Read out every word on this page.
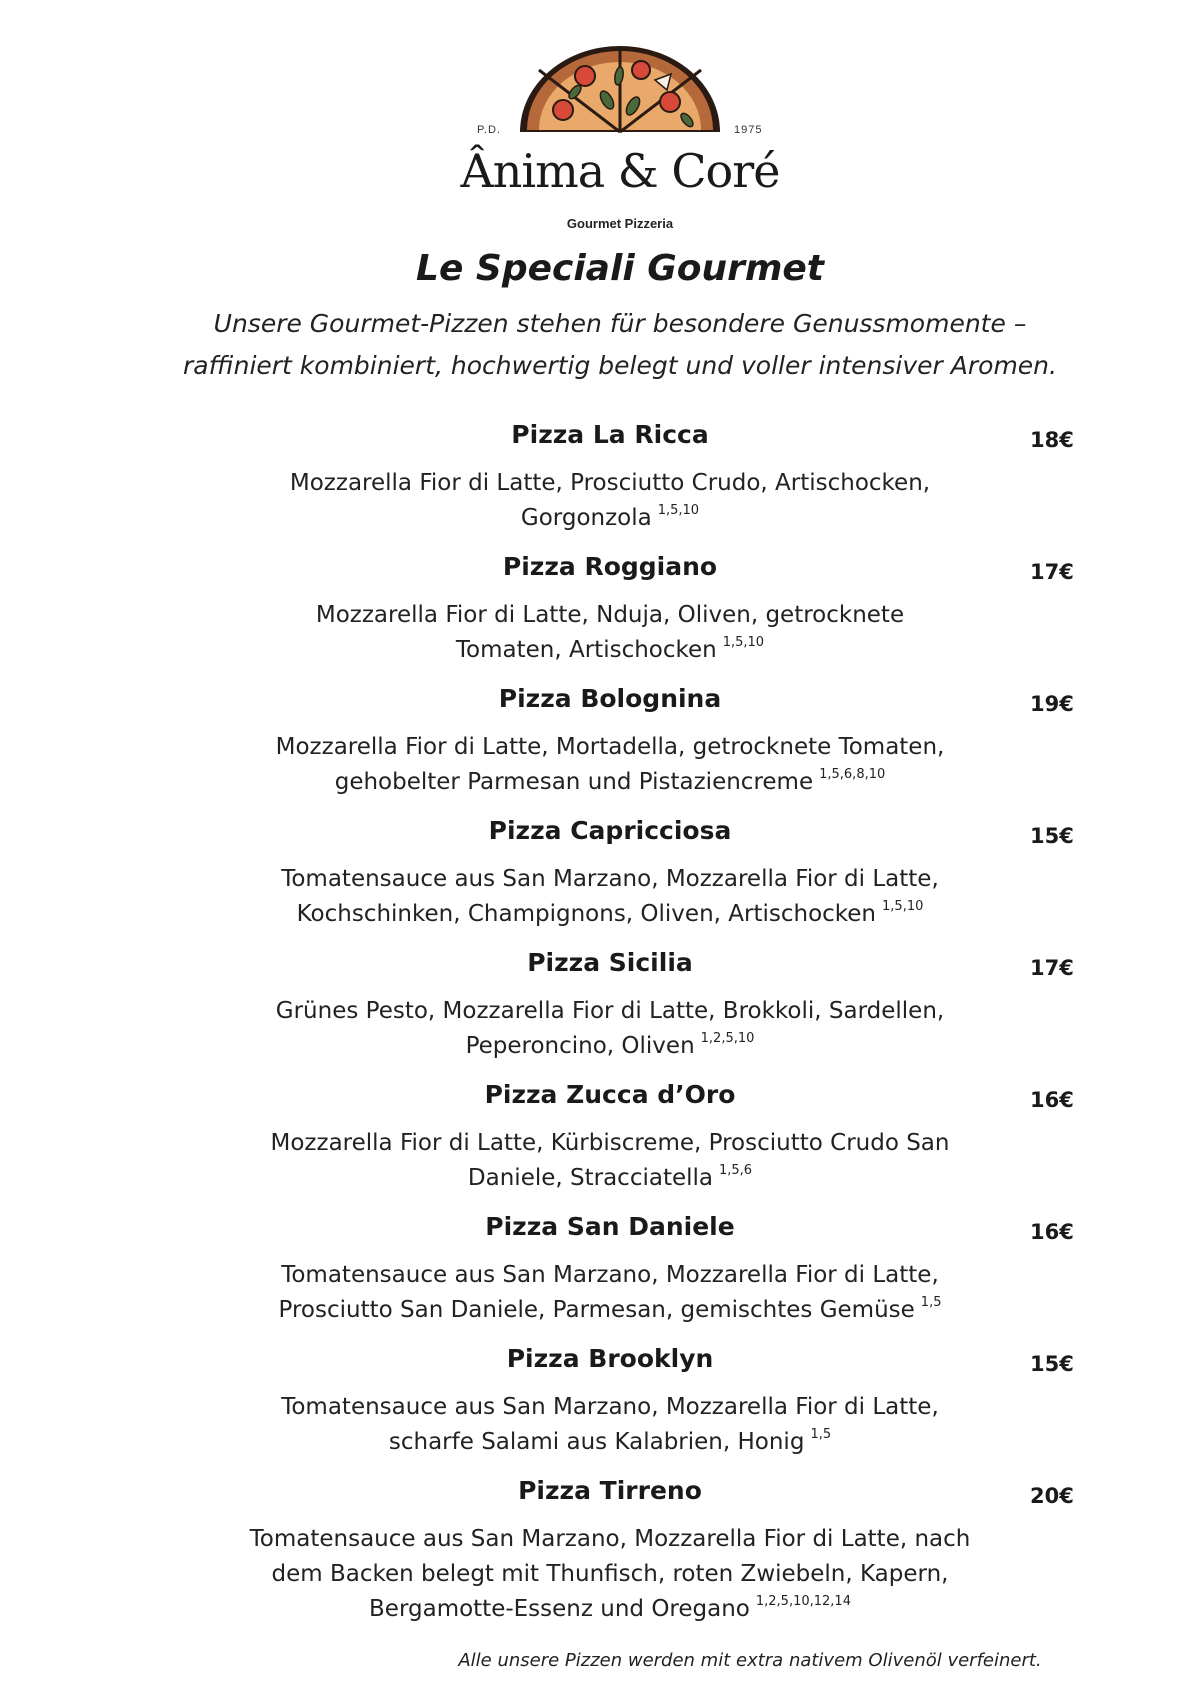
P.D.	1975
Ânima & Coré
Gourmet Pizzeria
Le Speciali Gourmet
Unsere Gourmet-Pizzen stehen für besondere Genussmomente –
raffiniert kombiniert, hochwertig belegt und voller intensiver Aromen.
Pizza La Ricca	18€
Mozzarella Fior di Latte, Prosciutto Crudo, Artischocken,
Gorgonzola $^{1,5,10}$
Pizza Roggiano	17€
Mozzarella Fior di Latte, Nduja, Oliven, getrocknete
Tomaten, Artischocken $^{1,5,10}$
Pizza Bolognina	19€
Mozzarella Fior di Latte, Mortadella, getrocknete Tomaten,
gehobelter Parmesan und Pistaziencreme $^{1,5,6,8,10}$
Pizza Capricciosa	15€
Tomatensauce aus San Marzano, Mozzarella Fior di Latte,
Kochschinken, Champignons, Oliven, Artischocken $^{1,5,10}$
Pizza Sicilia	17€
Grünes Pesto, Mozzarella Fior di Latte, Brokkoli, Sardellen,
Peperoncino, Oliven $^{1,2,5,10}$
Pizza Zucca d’Oro	16€
Mozzarella Fior di Latte, Kürbiscreme, Prosciutto Crudo San
Daniele, Stracciatella $^{1,5,6}$
Pizza San Daniele	16€
Tomatensauce aus San Marzano, Mozzarella Fior di Latte,
Prosciutto San Daniele, Parmesan, gemischtes Gemüse $^{1,5}$
Pizza Brooklyn	15€
Tomatensauce aus San Marzano, Mozzarella Fior di Latte,
scharfe Salami aus Kalabrien, Honig $^{1,5}$
Pizza Tirreno	20€
Tomatensauce aus San Marzano, Mozzarella Fior di Latte, nach
dem Backen belegt mit Thunfisch, roten Zwiebeln, Kapern,
Bergamotte-Essenz und Oregano $^{1,2,5,10,12,14}$
Alle unsere Pizzen werden mit extra nativem Olivenöl verfeinert.
